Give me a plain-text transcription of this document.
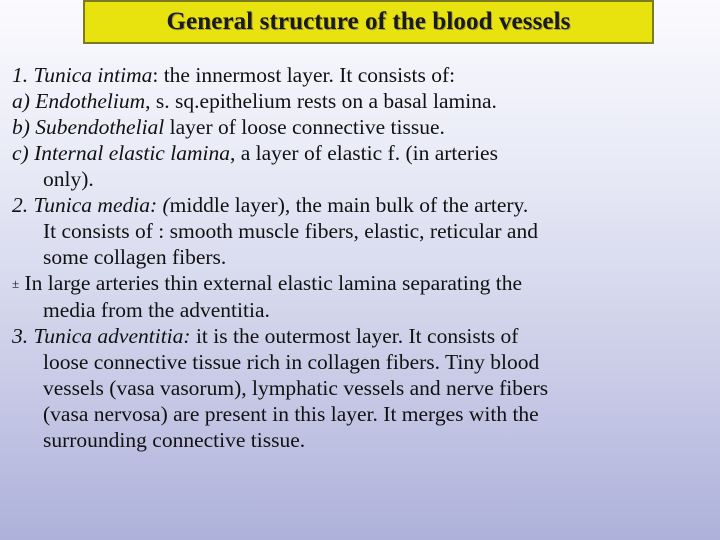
General structure of the blood vessels
1. Tunica intima: the innermost layer. It consists of:
a) Endothelium, s. sq.epithelium rests on a basal lamina.
b) Subendothelial layer of loose connective tissue.
c) Internal elastic lamina, a layer of elastic f. (in arteries
only).
2. Tunica media: (middle layer), the main bulk of the artery.
It consists of : smooth muscle fibers, elastic, reticular and
some collagen fibers.
± In large arteries thin external elastic lamina separating the
media from the adventitia.
3. Tunica adventitia: it is the outermost layer. It consists of
loose connective tissue rich in collagen fibers. Tiny blood
vessels (vasa vasorum), lymphatic vessels and nerve fibers
(vasa nervosa) are present in this layer. It merges with the
surrounding connective tissue.
